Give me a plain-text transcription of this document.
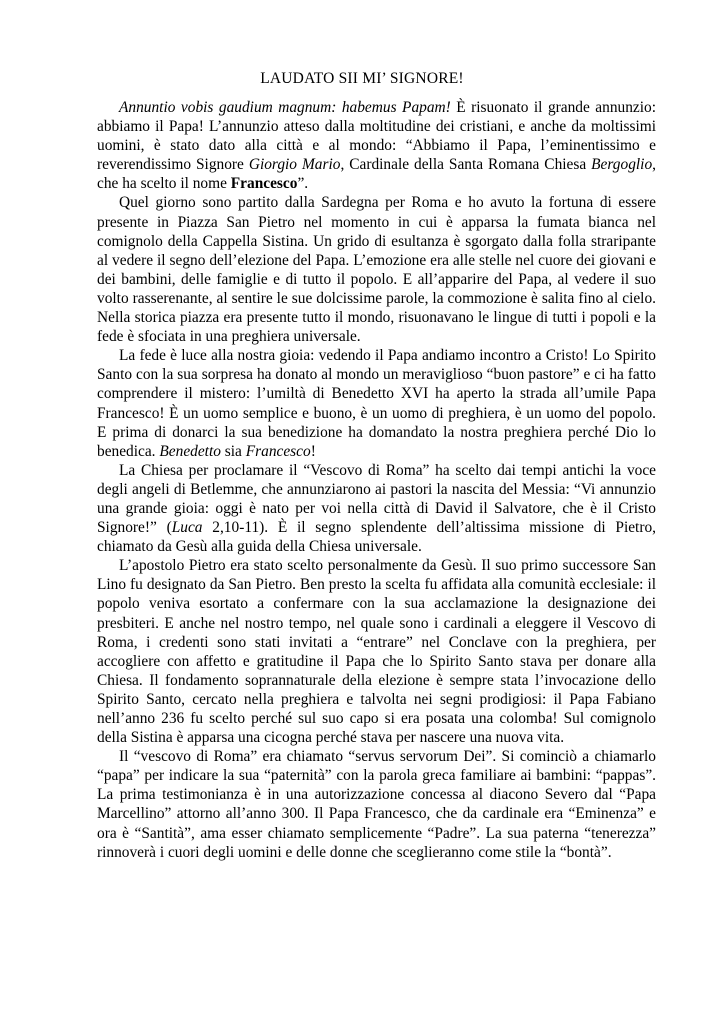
LAUDATO SII MI’ SIGNORE!

Annuntio vobis gaudium magnum: habemus Papam! È risuonato il grande annunzio: abbiamo il Papa! L’annunzio atteso dalla moltitudine dei cristiani, e anche da moltissimi uomini, è stato dato alla città e al mondo: “Abbiamo il Papa, l’eminentissimo e reverendissimo Signore Giorgio Mario, Cardinale della Santa Romana Chiesa Bergoglio, che ha scelto il nome Francesco”.

Quel giorno sono partito dalla Sardegna per Roma e ho avuto la fortuna di essere presente in Piazza San Pietro nel momento in cui è apparsa la fumata bianca nel comignolo della Cappella Sistina. Un grido di esultanza è sgorgato dalla folla straripante al vedere il segno dell’elezione del Papa. L’emozione era alle stelle nel cuore dei giovani e dei bambini, delle famiglie e di tutto il popolo. E all’apparire del Papa, al vedere il suo volto rasserenante, al sentire le sue dolcissime parole, la commozione è salita fino al cielo. Nella storica piazza era presente tutto il mondo, risuonavano le lingue di tutti i popoli e la fede è sfociata in una preghiera universale.

La fede è luce alla nostra gioia: vedendo il Papa andiamo incontro a Cristo! Lo Spirito Santo con la sua sorpresa ha donato al mondo un meraviglioso “buon pastore” e ci ha fatto comprendere il mistero: l’umiltà di Benedetto XVI ha aperto la strada all’umile Papa Francesco! È un uomo semplice e buono, è un uomo di preghiera, è un uomo del popolo. E prima di donarci la sua benedizione ha domandato la nostra preghiera perché Dio lo benedica. Benedetto sia Francesco!

La Chiesa per proclamare il “Vescovo di Roma” ha scelto dai tempi antichi la voce degli angeli di Betlemme, che annunziarono ai pastori la nascita del Messia: “Vi annunzio una grande gioia: oggi è nato per voi nella città di David il Salvatore, che è il Cristo Signore!” (Luca 2,10-11). È il segno splendente dell’altissima missione di Pietro, chiamato da Gesù alla guida della Chiesa universale.

L’apostolo Pietro era stato scelto personalmente da Gesù. Il suo primo successore San Lino fu designato da San Pietro. Ben presto la scelta fu affidata alla comunità ecclesiale: il popolo veniva esortato a confermare con la sua acclamazione la designazione dei presbiteri. E anche nel nostro tempo, nel quale sono i cardinali a eleggere il Vescovo di Roma, i credenti sono stati invitati a “entrare” nel Conclave con la preghiera, per accogliere con affetto e gratitudine il Papa che lo Spirito Santo stava per donare alla Chiesa. Il fondamento soprannaturale della elezione è sempre stata l’invocazione dello Spirito Santo, cercato nella preghiera e talvolta nei segni prodigiosi: il Papa Fabiano nell’anno 236 fu scelto perché sul suo capo si era posata una colomba! Sul comignolo della Sistina è apparsa una cicogna perché stava per nascere una nuova vita.

Il “vescovo di Roma” era chiamato “servus servorum Dei”. Si cominciò a chiamarlo “papa” per indicare la sua “paternità” con la parola greca familiare ai bambini: “pappas”. La prima testimonianza è in una autorizzazione concessa al diacono Severo dal “Papa Marcellino” attorno all’anno 300. Il Papa Francesco, che da cardinale era “Eminenza” e ora è “Santità”, ama esser chiamato semplicemente “Padre”. La sua paterna “tenerezza” rinnoverà i cuori degli uomini e delle donne che sceglieranno come stile la “bontà”.
